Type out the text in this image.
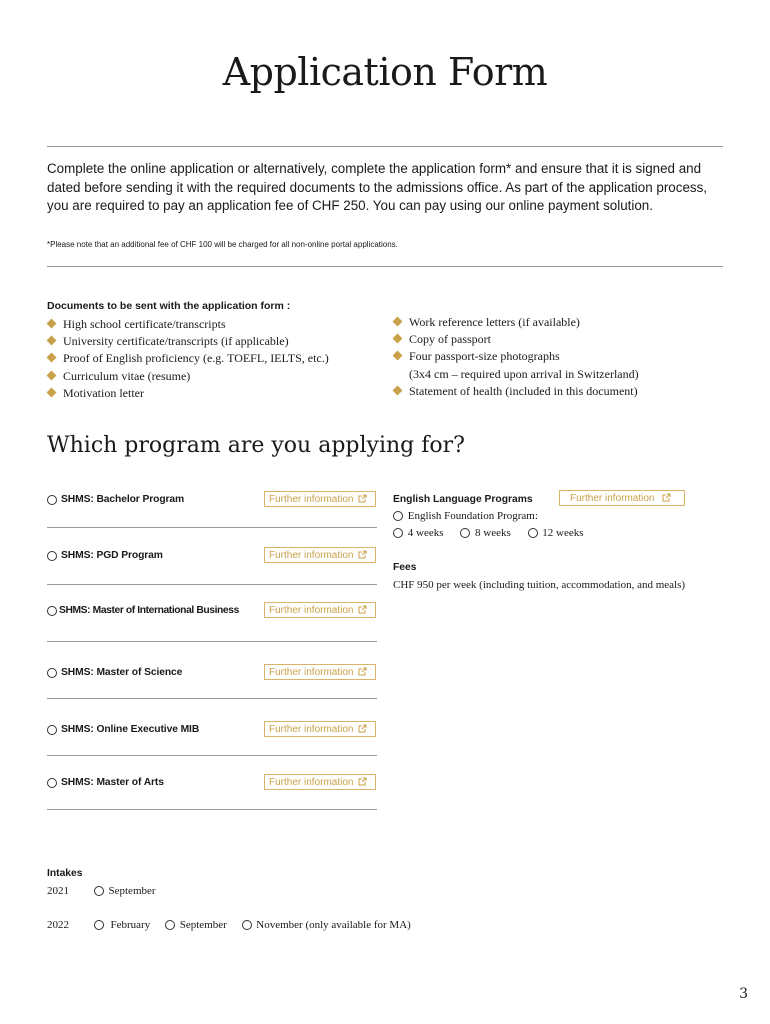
Application Form
Complete the online application or alternatively, complete the application form* and ensure that it is signed and dated before sending it with the required documents to the admissions office. As part of the application process, you are required to pay an application fee of CHF 250. You can pay using our online payment solution.
*Please note that an additional fee of CHF 100 will be charged for all non-online portal applications.
Documents to be sent with the application form :
High school certificate/transcripts
University certificate/transcripts (if applicable)
Proof of English proficiency (e.g. TOEFL, IELTS, etc.)
Curriculum vitae (resume)
Motivation letter
Work reference letters (if available)
Copy of passport
Four passport-size photographs
(3x4 cm – required upon arrival in Switzerland)
Statement of health (included in this document)
Which program are you applying for?
SHMS: Bachelor Program	Further information
SHMS: PGD Program	Further information
SHMS: Master of International Business	Further information
SHMS: Master of Science	Further information
SHMS: Online Executive MIB	Further information
SHMS: Master of Arts	Further information
English Language Programs	Further information
English Foundation Program:
4 weeks	8 weeks	12 weeks
Fees
CHF 950 per week (including tuition, accommodation, and meals)
Intakes
2021	September
2022	February	September	November (only available for MA)
3
